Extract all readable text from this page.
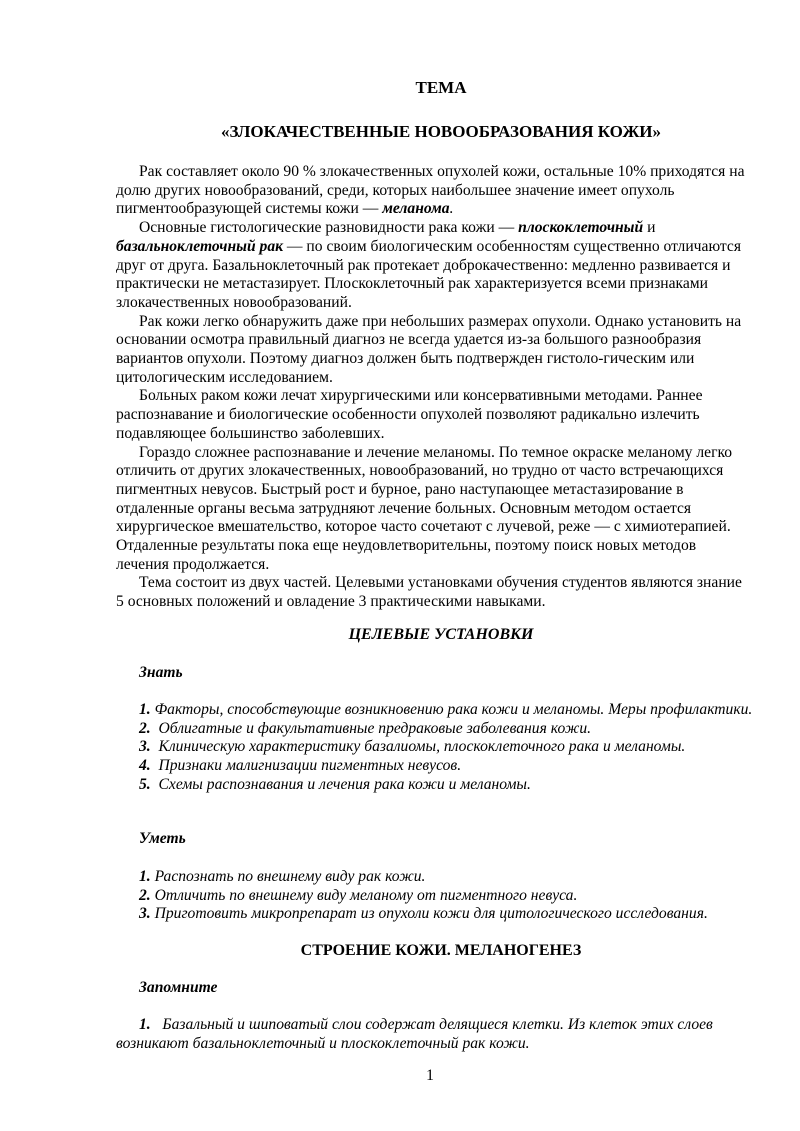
ТЕМА
«ЗЛОКАЧЕСТВЕННЫЕ НОВООБРАЗОВАНИЯ КОЖИ»

Рак составляет около 90 % злокачественных опухолей кожи, остальные 10% приходятся на долю других новообразований, среди, которых наибольшее значение имеет опухоль пигментообразующей системы кожи — меланома.

Основные гистологические разновидности рака кожи — плоскоклеточный и базальноклеточный рак — по своим биологическим особенностям существенно отличаются друг от друга. Базальноклеточный рак протекает доброкачественно: медленно развивается и практически не метастазирует. Плоскоклеточный рак характеризуется всеми признаками злокачественных новообразований.

Рак кожи легко обнаружить даже при небольших размерах опухоли. Однако установить на основании осмотра правильный диагноз не всегда удается из-за большого разнообразия вариантов опухоли. Поэтому диагноз должен быть подтвержден гистоло-гическим или цитологическим исследованием.

Больных раком кожи лечат хирургическими или консервативными методами. Раннее распознавание и биологические особенности опухолей позволяют радикально излечить подавляющее большинство заболевших.

Гораздо сложнее распознавание и лечение меланомы. По темное окраске меланому легко отличить от других злокачественных, новообразований, но трудно от часто встречающихся пигментных невусов. Быстрый рост и бурное, рано наступающее метастазирование в отдаленные органы весьма затрудняют лечение больных. Основным методом остается хирургическое вмешательство, которое часто сочетают с лучевой, реже — с химиотерапией. Отдаленные результаты пока еще неудовлетворительны, поэтому поиск новых методов лечения продолжается.

Тема состоит из двух частей. Целевыми установками обучения студентов являются знание 5 основных положений и овладение 3 практическими навыками.

ЦЕЛЕВЫЕ УСТАНОВКИ
Знать
1. Факторы, способствующие возникновению рака кожи и меланомы. Меры профилактики.
2.  Облигатные и факультативные предраковые заболевания кожи.
3.  Клиническую характеристику базалиомы, плоскоклеточного рака и меланомы.
4.  Признаки малигнизации пигментных невусов.
5.  Схемы распознавания и лечения рака кожи и меланомы.
Уметь
1. Распознать по внешнему виду рак кожи.
2. Отличить по внешнему виду меланому от пигментного невуса.
3. Приготовить микропрепарат из опухоли кожи для цитологического исследования.
СТРОЕНИЕ КОЖИ. МЕЛАНОГЕНЕЗ
Запомните
1.   Базальный и шиповатый слои содержат делящиеся клетки. Из клеток этих слоев возникают базальноклеточный и плоскоклеточный рак кожи.
1
